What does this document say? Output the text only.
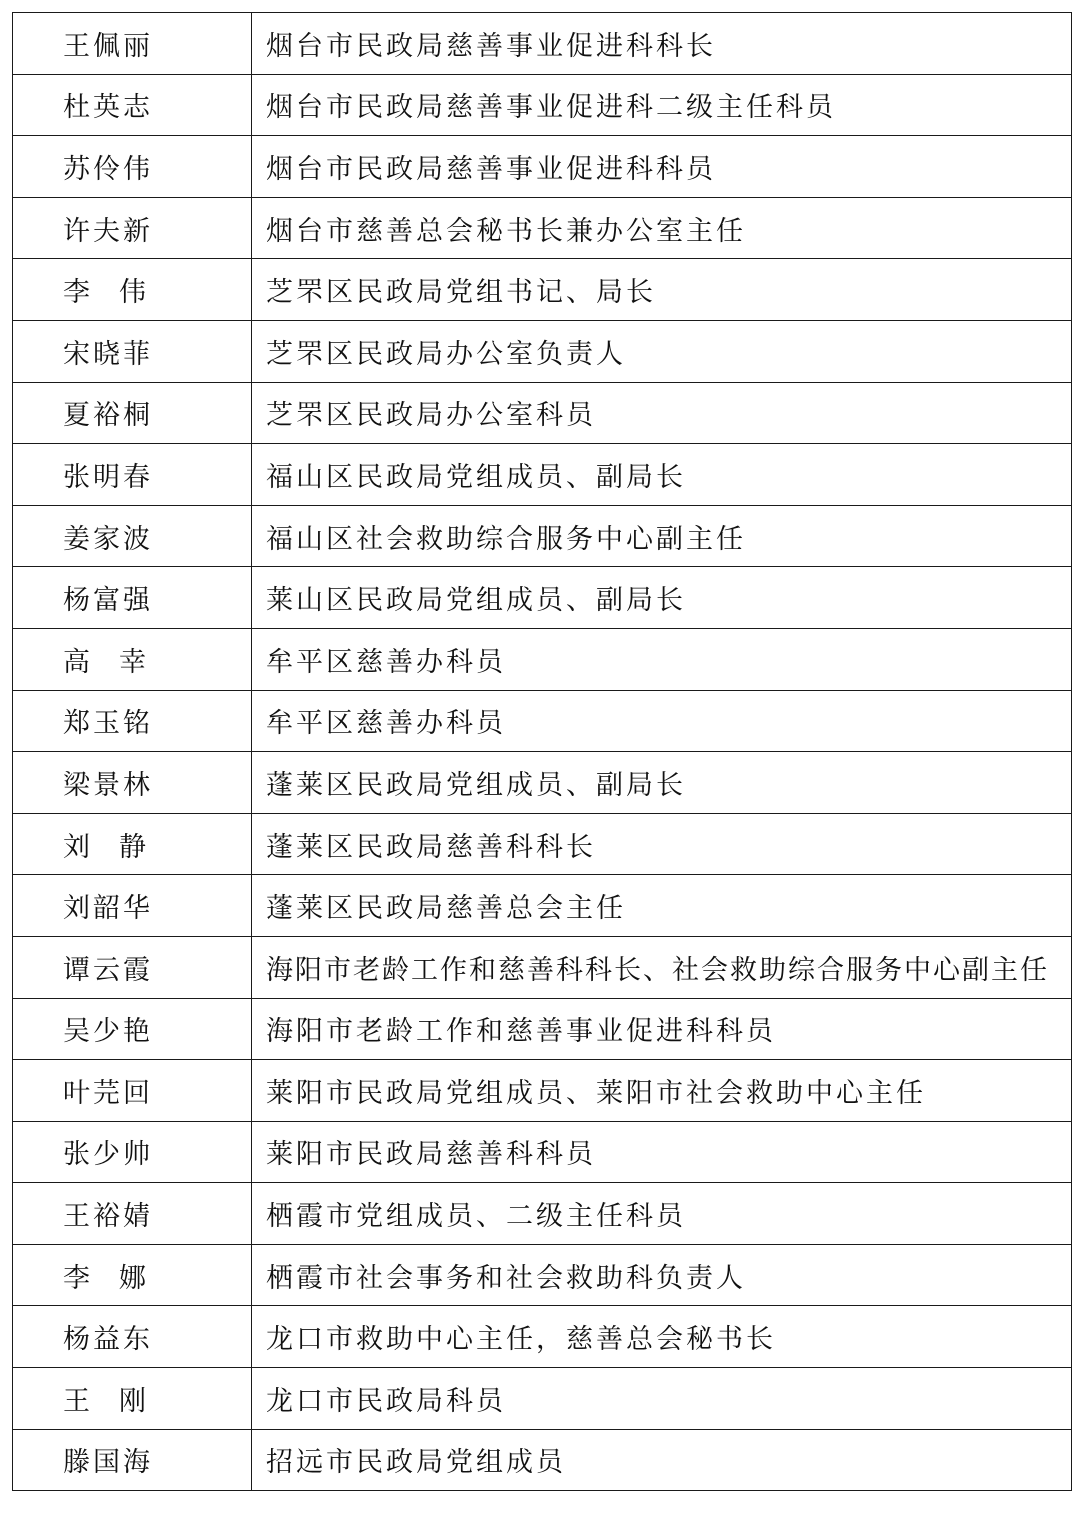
王佩丽	烟台市民政局慈善事业促进科科长
杜英志	烟台市民政局慈善事业促进科二级主任科员
苏伶伟	烟台市民政局慈善事业促进科科员
许夫新	烟台市慈善总会秘书长兼办公室主任
李伟	芝罘区民政局党组书记、局长
宋晓菲	芝罘区民政局办公室负责人
夏裕桐	芝罘区民政局办公室科员
张明春	福山区民政局党组成员、副局长
姜家波	福山区社会救助综合服务中心副主任
杨富强	莱山区民政局党组成员、副局长
高幸	牟平区慈善办科员
郑玉铭	牟平区慈善办科员
梁景林	蓬莱区民政局党组成员、副局长
刘静	蓬莱区民政局慈善科科长
刘韶华	蓬莱区民政局慈善总会主任
谭云霞	海阳市老龄工作和慈善科科长、社会救助综合服务中心副主任
吴少艳	海阳市老龄工作和慈善事业促进科科员
叶芫回	莱阳市民政局党组成员、莱阳市社会救助中心主任
张少帅	莱阳市民政局慈善科科员
王裕婧	栖霞市党组成员、二级主任科员
李娜	栖霞市社会事务和社会救助科负责人
杨益东	龙口市救助中心主任，慈善总会秘书长
王刚	龙口市民政局科员
滕国海	招远市民政局党组成员
